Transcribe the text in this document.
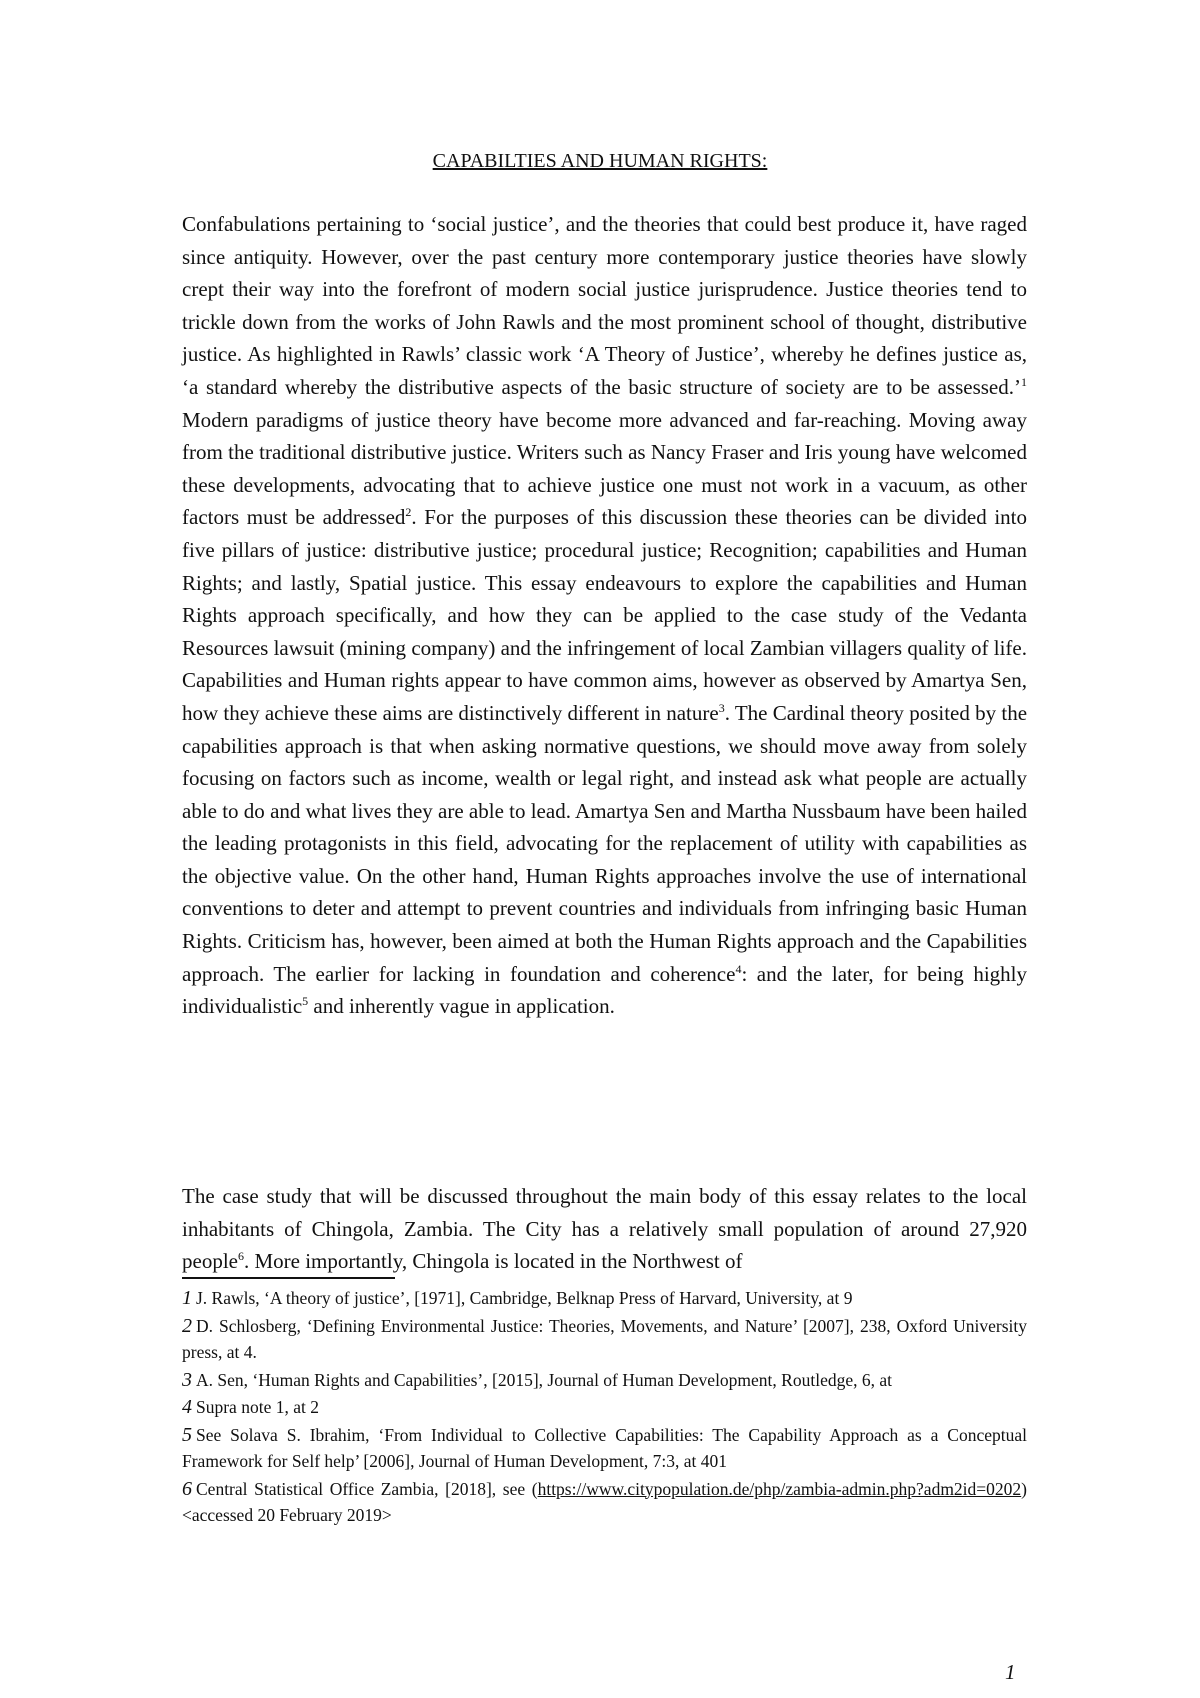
CAPABILTIES AND HUMAN RIGHTS:

Confabulations pertaining to ‘social justice’, and the theories that could best produce it, have raged since antiquity. However, over the past century more contemporary justice theories have slowly crept their way into the forefront of modern social justice jurisprudence. Justice theories tend to trickle down from the works of John Rawls and the most prominent school of thought, distributive justice. As highlighted in Rawls’ classic work ‘A Theory of Justice’, whereby he defines justice as, ‘a standard whereby the distributive aspects of the basic structure of society are to be assessed.’$^1$ Modern paradigms of justice theory have become more advanced and far-reaching. Moving away from the traditional distributive justice. Writers such as Nancy Fraser and Iris young have welcomed these developments, advocating that to achieve justice one must not work in a vacuum, as other factors must be addressed$^2$. For the purposes of this discussion these theories can be divided into five pillars of justice: distributive justice; procedural justice; Recognition; capabilities and Human Rights; and lastly, Spatial justice. This essay endeavours to explore the capabilities and Human Rights approach specifically, and how they can be applied to the case study of the Vedanta Resources lawsuit (mining company) and the infringement of local Zambian villagers quality of life. Capabilities and Human rights appear to have common aims, however as observed by Amartya Sen, how they achieve these aims are distinctively different in nature$^3$. The Cardinal theory posited by the capabilities approach is that when asking normative questions, we should move away from solely focusing on factors such as income, wealth or legal right, and instead ask what people are actually able to do and what lives they are able to lead. Amartya Sen and Martha Nussbaum have been hailed the leading protagonists in this field, advocating for the replacement of utility with capabilities as the objective value. On the other hand, Human Rights approaches involve the use of international conventions to deter and attempt to prevent countries and individuals from infringing basic Human Rights. Criticism has, however, been aimed at both the Human Rights approach and the Capabilities approach. The earlier for lacking in foundation and coherence$^4$: and the later, for being highly individualistic$^5$ and inherently vague in application.

The case study that will be discussed throughout the main body of this essay relates to the local inhabitants of Chingola, Zambia. The City has a relatively small population of around 27,920 people$^6$. More importantly, Chingola is located in the Northwest of

1 J. Rawls, ‘A theory of justice’, [1971], Cambridge, Belknap Press of Harvard, University, at 9

2 D. Schlosberg, ‘Defining Environmental Justice: Theories, Movements, and Nature’ [2007], 238, Oxford University press, at 4.

3 A. Sen, ‘Human Rights and Capabilities’, [2015], Journal of Human Development, Routledge, 6, at

4 Supra note 1, at 2

5 See Solava S. Ibrahim, ‘From Individual to Collective Capabilities: The Capability Approach as a Conceptual Framework for Self help’ [2006], Journal of Human Development, 7:3, at 401

6 Central Statistical Office Zambia, [2018], see (https://www.citypopulation.de/php/zambia-admin.php?adm2id=0202) <accessed 20 February 2019>

1
